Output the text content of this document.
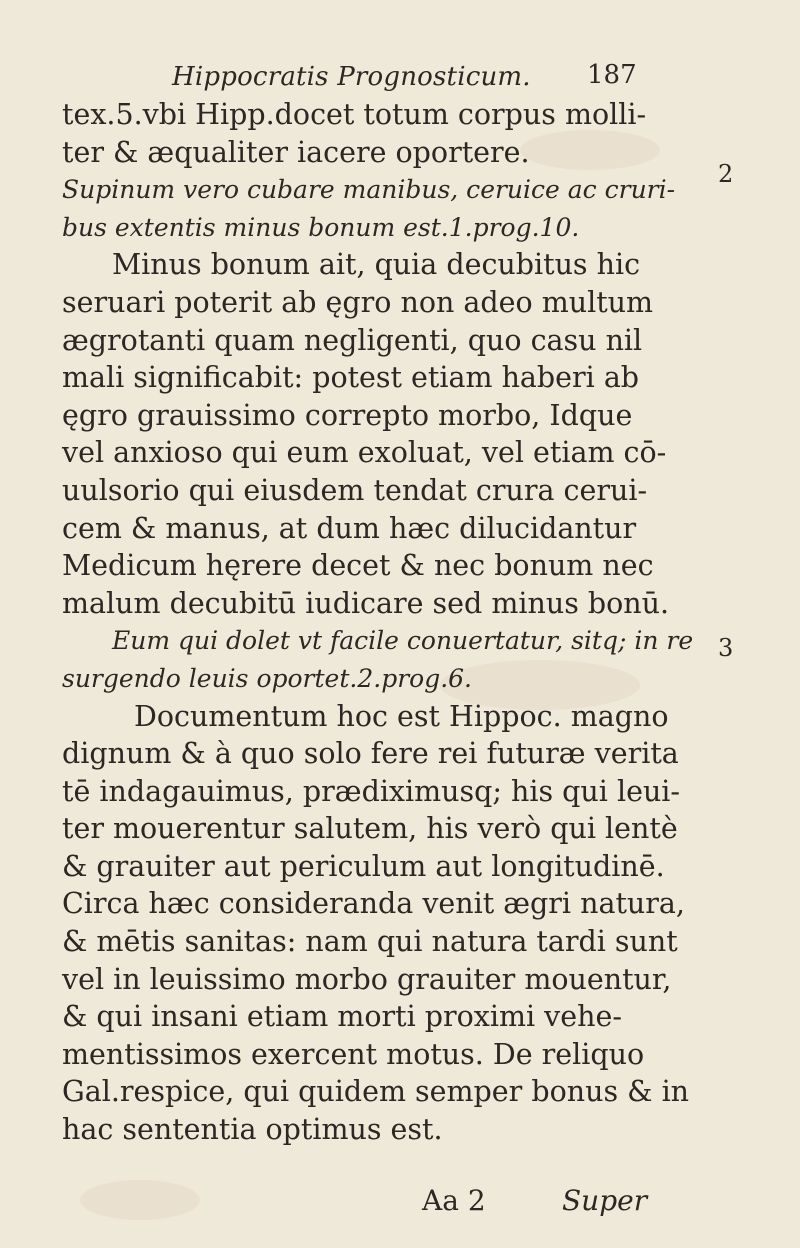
Hippocratis Prognosticum. 187
tex.5.vbi Hipp.docet totum corpus molli-
ter & æqualiter iacere oportere.
Supinum vero cubare manibus, ceruice ac cruri-
bus extentis minus bonum est.1.prog.10.
Minus bonum ait, quia decubitus hic
seruari poterit ab ęgro non adeo multum
ægrotanti quam negligenti, quo casu nil
mali significabit: potest etiam haberi ab
ęgro grauissimo correpto morbo, Idque
vel anxioso qui eum exoluat, vel etiam cō-
uulsorio qui eiusdem tendat crura cerui-
cem & manus, at dum hæc dilucidantur
Medicum hęrere decet & nec bonum nec
malum decubitū iudicare sed minus bonū.
Eum qui dolet vt facile conuertatur, sitq; in re
surgendo leuis oportet.2.prog.6.
Documentum hoc est Hippoc. magno
dignum & à quo solo fere rei futuræ verita
tē indagauimus, prædiximusq; his qui leui-
ter mouerentur salutem, his verò qui lentè
& grauiter aut periculum aut longitudinē.
Circa hæc consideranda venit ægri natura,
& mētis sanitas: nam qui natura tardi sunt
vel in leuissimo morbo grauiter mouentur,
& qui insani etiam morti proximi vehe-
mentissimos exercent motus. De reliquo
Gal.respice, qui quidem semper bonus & in
hac sententia optimus est.
2
3
Aa 2	Super
